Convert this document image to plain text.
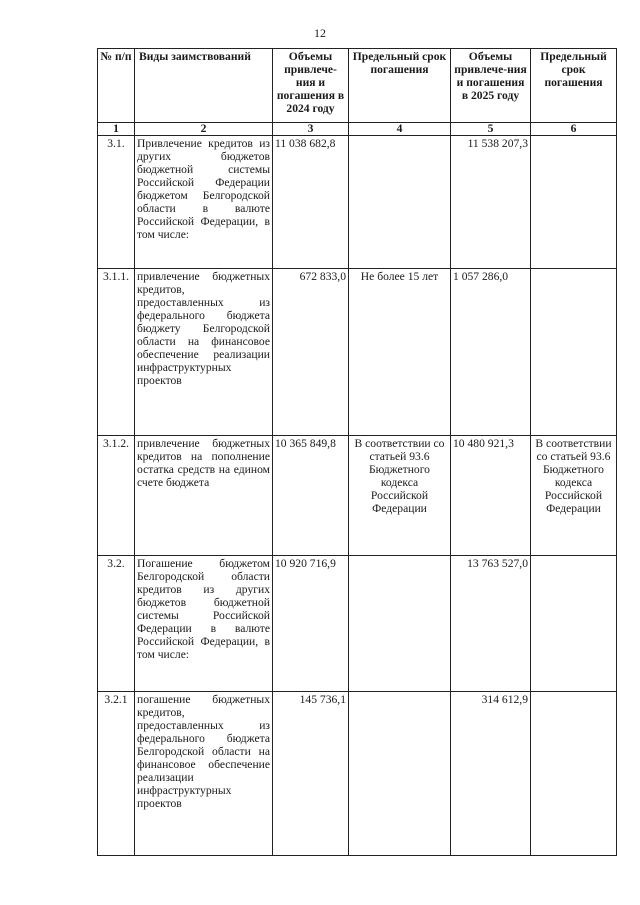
12
№ п/п	Виды заимствований	Объемы привлече-ния и погашения в 2024 году	Предельный срок погашения	Объемы привлече-ния и погашения в 2025 году	Предельный срок погашения
1	2	3	4	5	6
3.1.	Привлечение кредитов из других бюджетов бюджетной системы Российской Федерации бюджетом Белгородской области в валюте Российской Федерации, в том числе:	11 038 682,8		11 538 207,3	
3.1.1.	привлечение бюджетных кредитов, предоставленных из федерального бюджета бюджету Белгородской области на финансовое обеспечение реализации инфраструктурных проектов	672 833,0	Не более 15 лет	1 057 286,0	
3.1.2.	привлечение бюджетных кредитов на пополнение остатка средств на едином счете бюджета	10 365 849,8	В соответствии со статьей 93.6 Бюджетного кодекса Российской Федерации	10 480 921,3	В соответствии со статьей 93.6 Бюджетного кодекса Российской Федерации
3.2.	Погашение бюджетом Белгородской области кредитов из других бюджетов бюджетной системы Российской Федерации в валюте Российской Федерации, в том числе:	10 920 716,9		13 763 527,0	
3.2.1	погашение бюджетных кредитов, предоставленных из федерального бюджета Белгородской области на финансовое обеспечение реализации инфраструктурных проектов	145 736,1		314 612,9	
